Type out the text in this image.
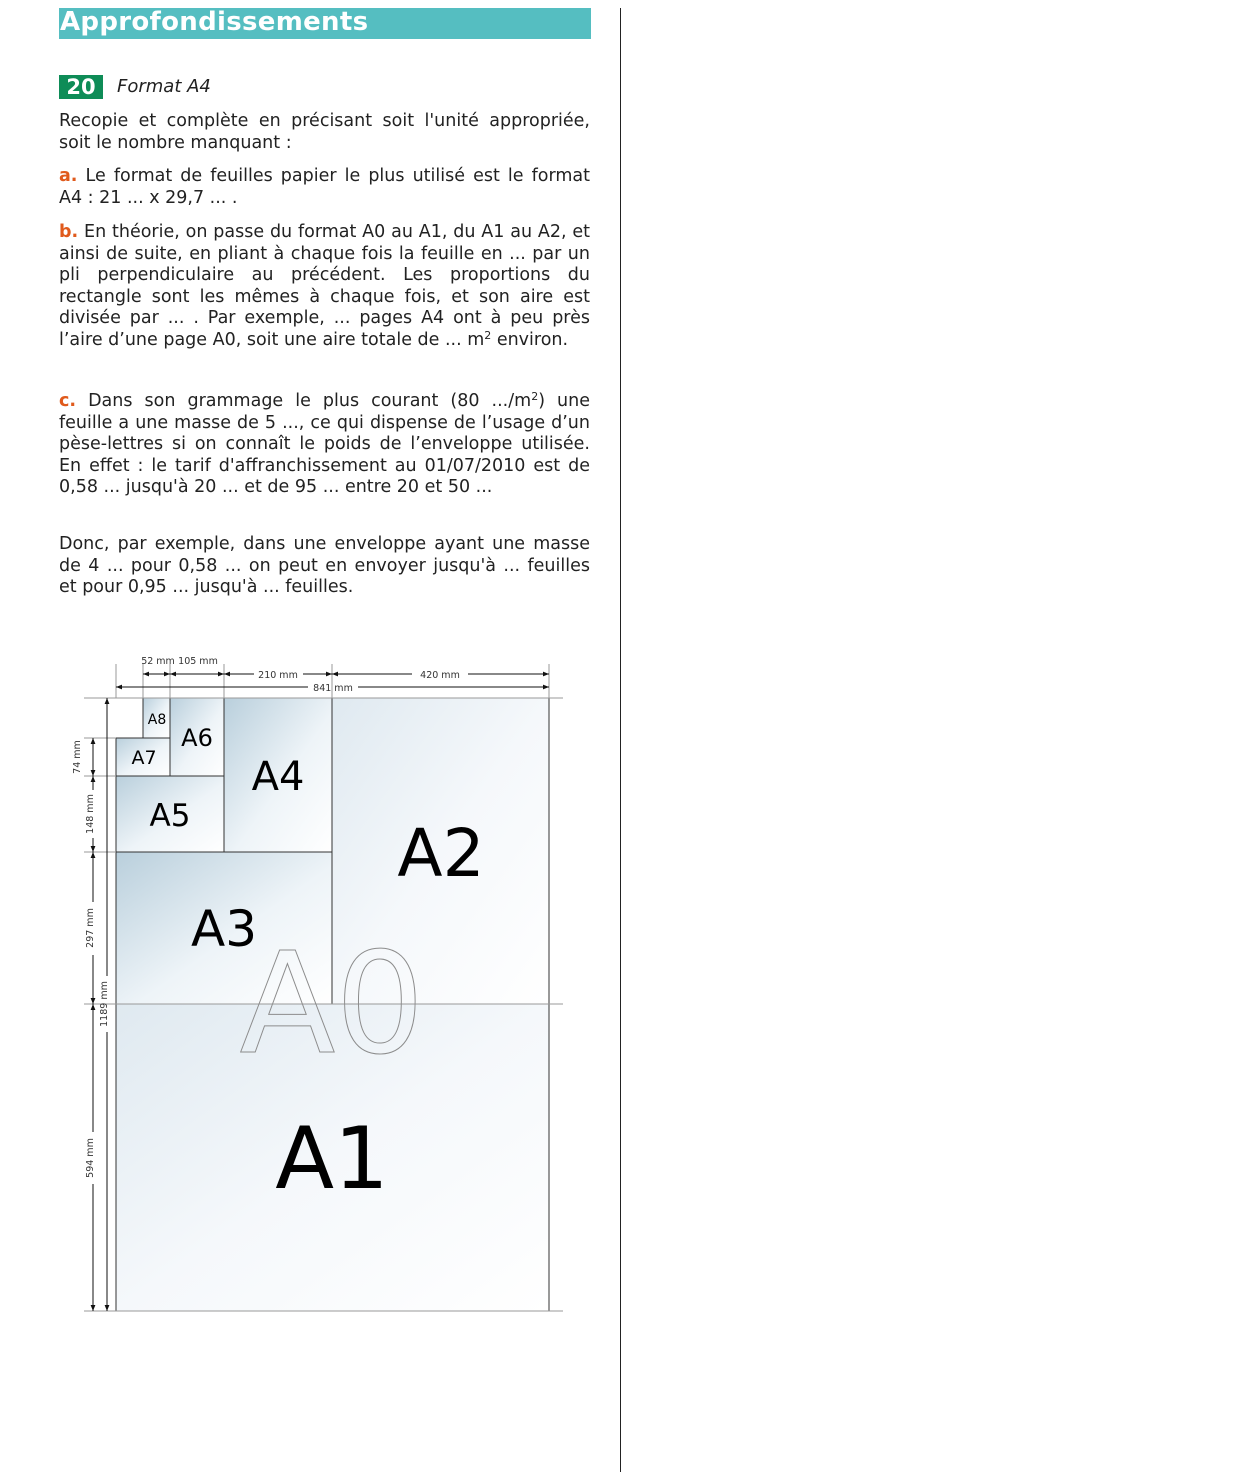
Approfondissements
20	Format A4

Recopie et complète en précisant soit l'unité appropriée, soit le nombre manquant :

a. Le format de feuilles papier le plus utilisé est le format A4 : 21 ... x 29,7 ... .

b. En théorie, on passe du format A0 au A1, du A1 au A2, et ainsi de suite, en pliant à chaque fois la feuille en ... par un pli perpendiculaire au précédent. Les proportions du rectangle sont les mêmes à chaque fois, et son aire est divisée par ... . Par exemple, ... pages A4 ont à peu près l’aire d’une page A0, soit une aire totale de ... $m^2$ environ.

c. Dans son grammage le plus courant (80 $.../m^2$) une feuille a une masse de 5 ..., ce qui dispense de l’usage d’un pèse-lettres si on connaît le poids de l’enveloppe utilisée. En effet : le tarif d'affranchissement au 01/07/2010 est de 0,58 ... jusqu'à 20 ... et de 95 ... entre 20 et 50 ...

Donc, par exemple, dans une enveloppe ayant une masse de 4 ... pour 0,58 ... on peut en envoyer jusqu'à ... feuilles et pour 0,95 ... jusqu'à ... feuilles.

52 mm 105 mm
210 mm	420 mm
841 mm
74 mm
148 mm
297 mm
594 mm
1189 mm A0
A1
A2
A3
A4
A5
A6
A7
A8
